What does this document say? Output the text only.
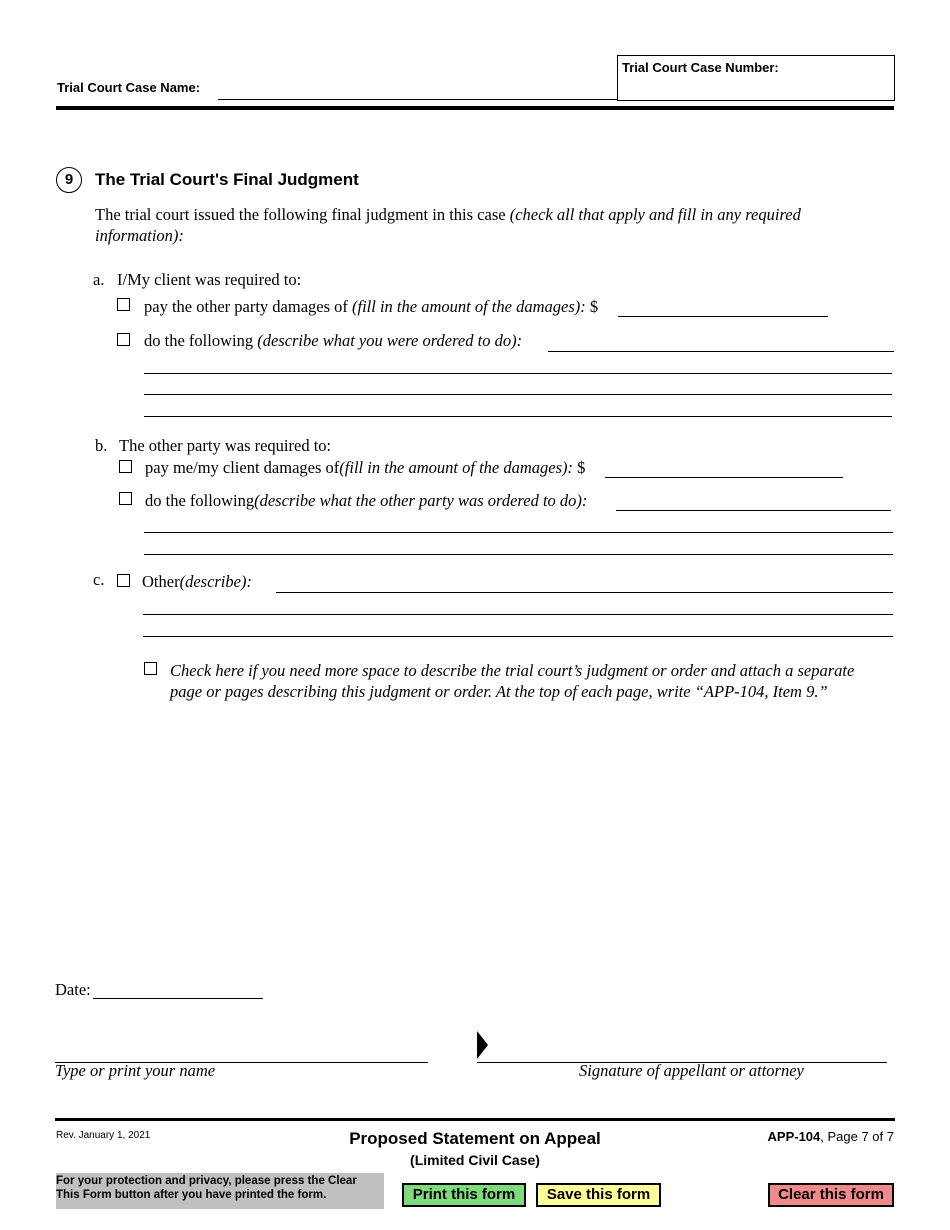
Trial Court Case Name:
Trial Court Case Number:
9	The Trial Court's Final Judgment
The trial court issued the following final judgment in this case (check all that apply and fill in any required
information):
a. I/My client was required to:
pay the other party damages of (fill in the amount of the damages): $
do the following (describe what you were ordered to do):
b. The other party was required to:
pay me/my client damages of(fill in the amount of the damages): $
do the following(describe what the other party was ordered to do):
c. Other(describe):
Check here if you need more space to describe the trial court’s judgment or order and attach a separate
page or pages describing this judgment or order. At the top of each page, write “APP-104, Item 9.”
Date:
Type or print your name	Signature of appellant or attorney
Rev. January 1, 2021	Proposed Statement on Appeal
(Limited Civil Case)
APP-104, Page 7 of 7
For your protection and privacy, please press the Clear
This Form button after you have printed the form.	Print this form	Save this form	Clear this form
